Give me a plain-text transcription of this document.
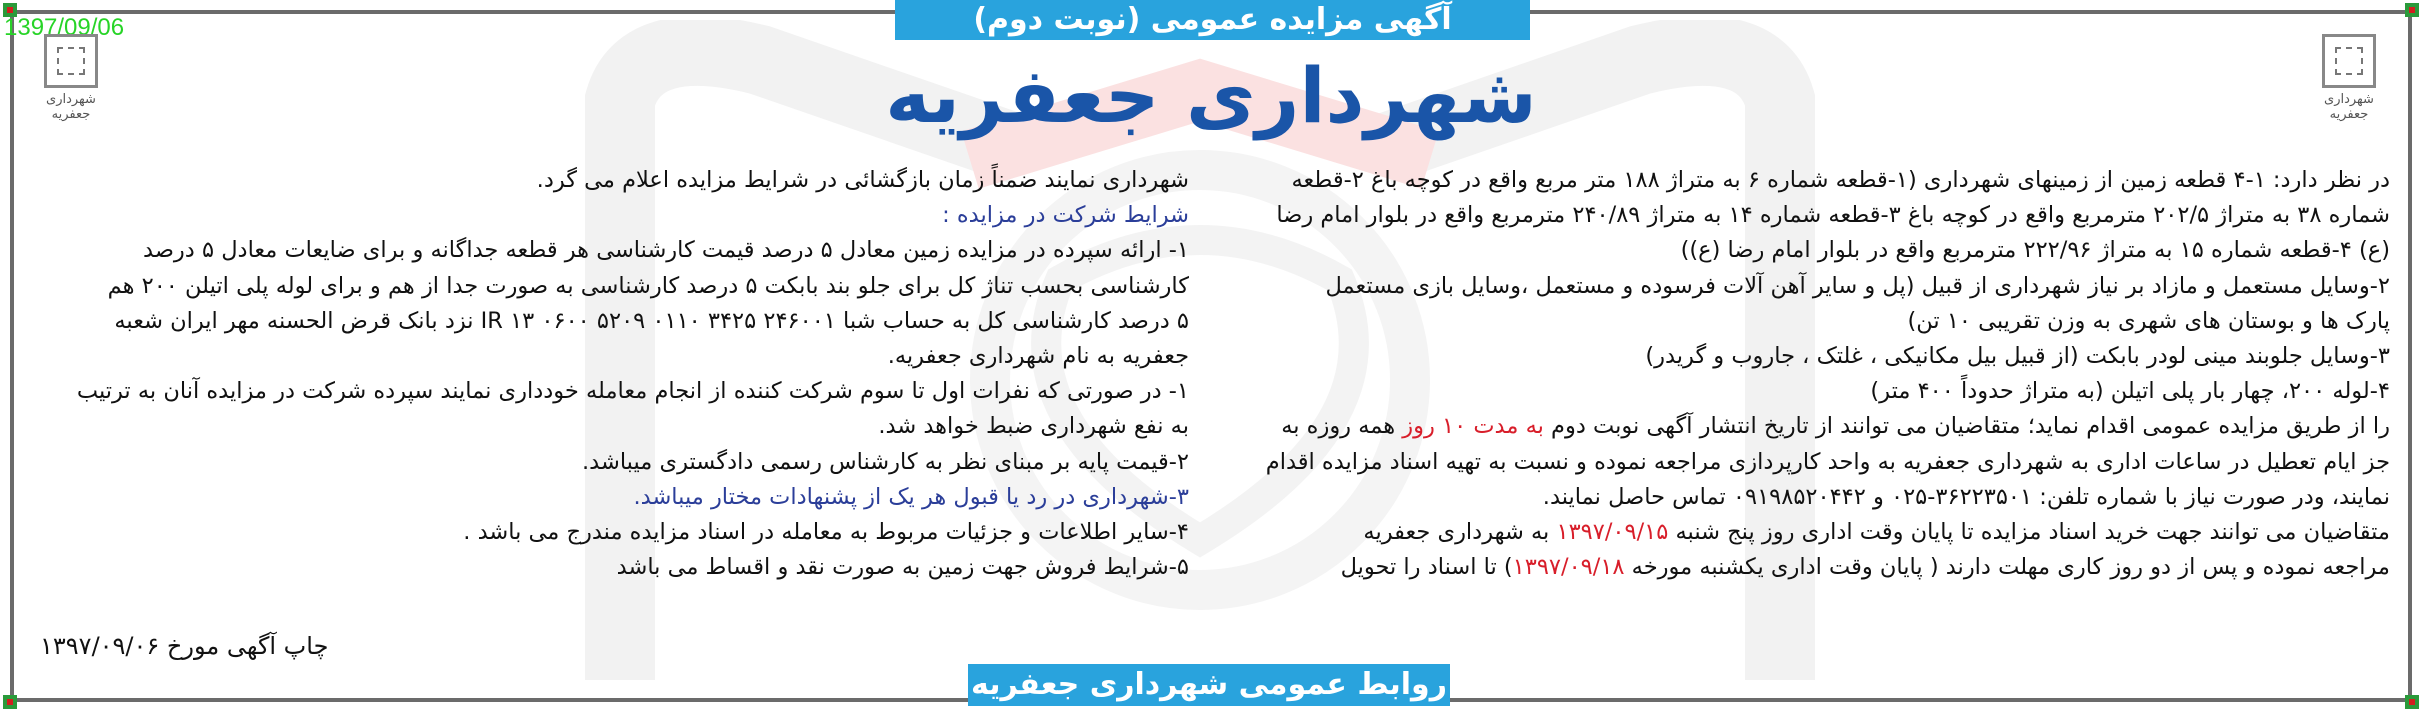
1397/09/06	آگهی مزایده عمومی (نوبت دوم)
شهرداری جعفریه
شهرداری جعفریه
شهرداری جعفریه

در نظر دارد: ۱-۴ قطعه زمین از زمینهای شهرداری (۱-قطعه شماره ۶ به متراژ ۱۸۸ متر مربع واقع در کوچه باغ ۲-قطعه

شماره ۳۸ به متراژ ۲۰۲/۵ مترمربع واقع در کوچه باغ ۳-قطعه شماره ۱۴ به متراژ ۲۴۰/۸۹ مترمربع واقع در بلوار امام رضا

(ع) ۴-قطعه شماره ۱۵ به متراژ ۲۲۲/۹۶ مترمربع واقع در بلوار امام رضا (ع))

۲-وسایل مستعمل و مازاد بر نیاز شهرداری از قبیل (پل و سایر آهن آلات فرسوده و مستعمل ،وسایل بازی مستعمل

پارک ها و بوستان های شهری به وزن تقریبی ۱۰ تن)

۳-وسایل جلوبند مینی لودر بابکت (از قبیل بیل مکانیکی ، غلتک ، جاروب و گریدر)

۴-لوله ۲۰۰، چهار بار پلی اتیلن (به متراژ حدوداً ۴۰۰ متر)

را از طریق مزایده عمومی اقدام نماید؛ متقاضیان می توانند از تاریخ انتشار آگهی نوبت دوم به مدت ۱۰ روز همه روزه به

جز ایام تعطیل در ساعات اداری به شهرداری جعفریه به واحد کارپردازی مراجعه نموده و نسبت به تهیه اسناد مزایده اقدام

نمایند، ودر صورت نیاز با شماره تلفن: ۳۶۲۲۳۵۰۱-۰۲۵ و ۰۹۱۹۸۵۲۰۴۴۲ تماس حاصل نمایند.

متقاضیان می توانند جهت خرید اسناد مزایده تا پایان وقت اداری روز پنج شنبه ۱۳۹۷/۰۹/۱۵ به شهرداری جعفریه

مراجعه نموده و پس از دو روز کاری مهلت دارند ( پایان وقت اداری یکشنبه مورخه ۱۳۹۷/۰۹/۱۸) تا اسناد را تحویل

شهرداری نمایند ضمناً زمان بازگشائی در شرایط مزایده اعلام می گرد.

شرایط شرکت در مزایده :

۱- ارائه سپرده در مزایده زمین معادل ۵ درصد قیمت کارشناسی هر قطعه جداگانه و برای ضایعات معادل ۵ درصد

کارشناسی بحسب تناژ کل برای جلو بند بابکت ۵ درصد کارشناسی به صورت جدا از هم و برای لوله پلی اتیلن ۲۰۰ هم

۵ درصد کارشناسی کل به حساب شبا IR ۱۳ ۰۶۰۰ ۵۲۰۹ ۰۱۱۰ ۳۴۲۵ ۲۴۶۰۰۱ نزد بانک قرض الحسنه مهر ایران شعبه

جعفریه به نام شهرداری جعفریه.

۱- در صورتی که نفرات اول تا سوم شرکت کننده از انجام معامله خودداری نمایند سپرده شرکت در مزایده آنان به ترتیب

به نفع شهرداری ضبط خواهد شد.

۲-قیمت پایه بر مبنای نظر به کارشناس رسمی دادگستری میباشد.

۳-شهرداری در رد یا قبول هر یک از پشنهادات مختار میباشد.

۴-سایر اطلاعات و جزئیات مربوط به معامله در اسناد مزایده مندرج می باشد .

۵-شرایط فروش جهت زمین به صورت نقد و اقساط می باشد

چاپ آگهی مورخ ۱۳۹۷/۰۹/۰۶
روابط عمومی شهرداری جعفریه
